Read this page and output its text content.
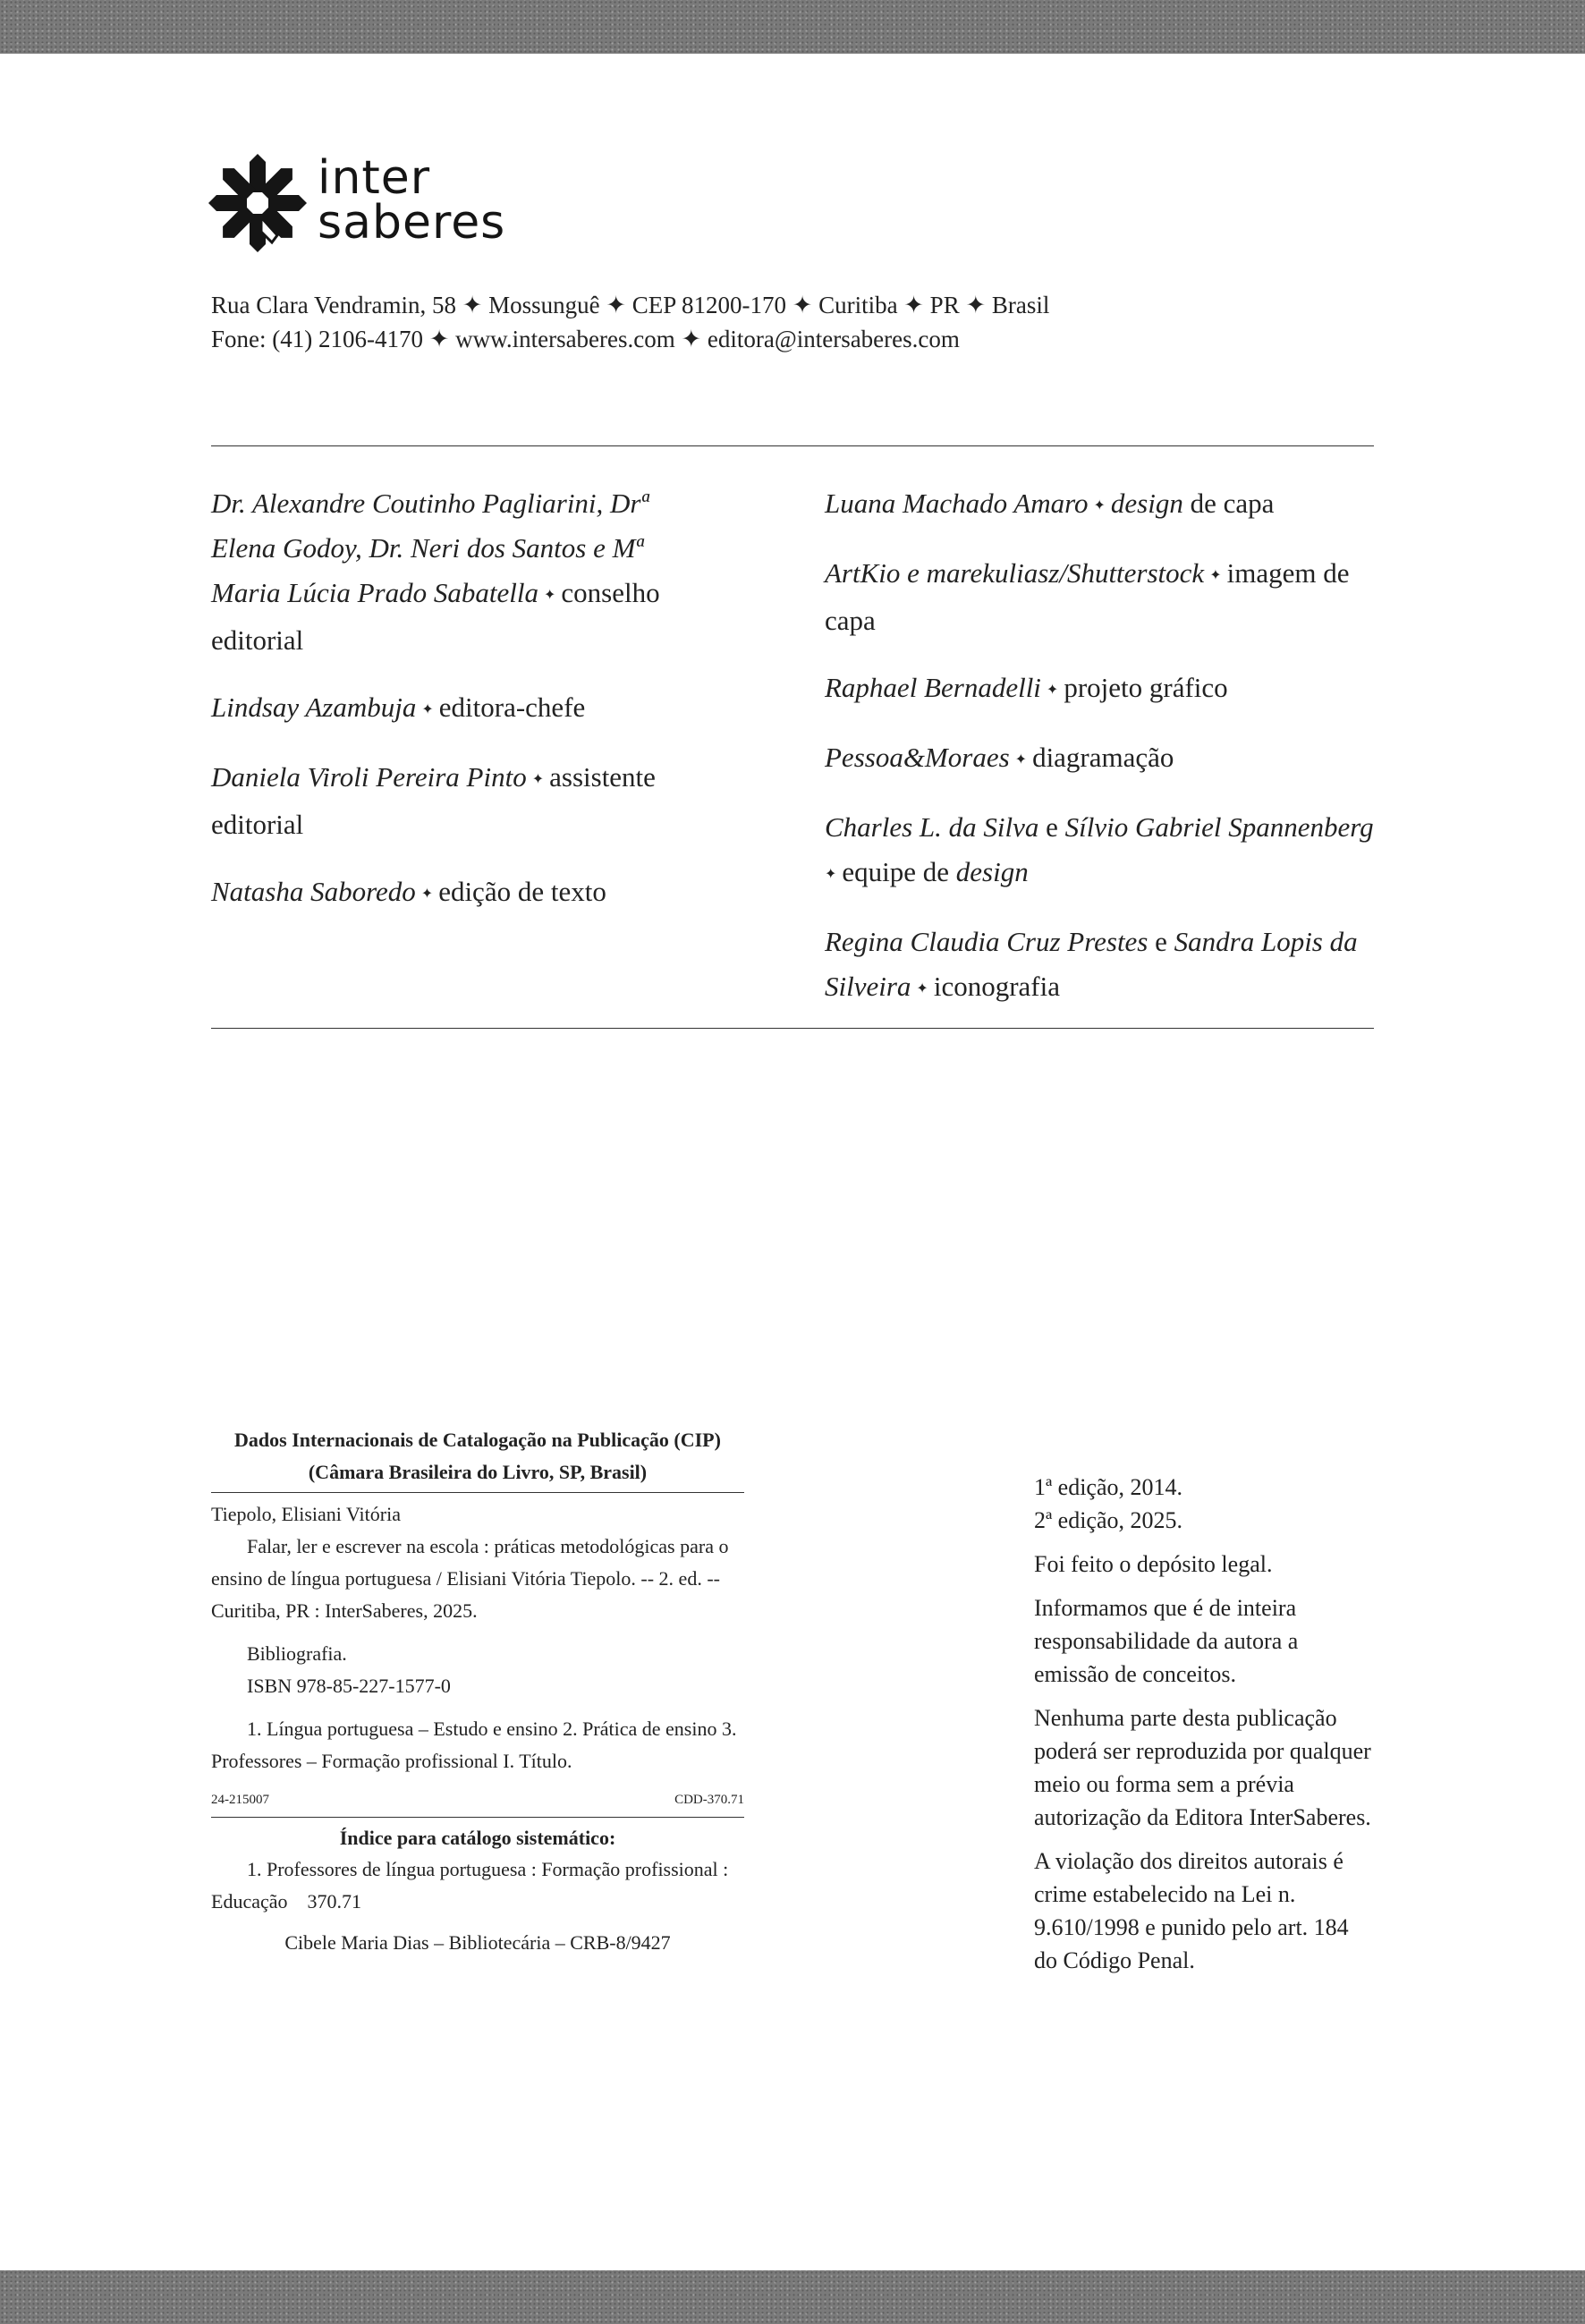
inter
saberes
Rua Clara Vendramin, 58 ✦ Mossunguê ✦ CEP 81200-170 ✦ Curitiba ✦ PR ✦ Brasil
Fone: (41) 2106-4170 ✦ www.intersaberes.com ✦ editora@intersaberes.com
Dr. Alexandre Coutinho Pagliarini, Drª Elena Godoy, Dr. Neri dos Santos e Mª Maria Lúcia Prado Sabatella ✦ conselho editorial
Lindsay Azambuja ✦ editora-chefe
Daniela Viroli Pereira Pinto ✦ assistente editorial
Natasha Saboredo ✦ edição de texto
Luana Machado Amaro ✦ design de capa
ArtKio e marekuliasz/Shutterstock ✦ imagem de capa
Raphael Bernadelli ✦ projeto gráfico
Pessoa&Moraes ✦ diagramação
Charles L. da Silva e Sílvio Gabriel Spannenberg
✦ equipe de design
Regina Claudia Cruz Prestes e Sandra Lopis da Silveira ✦ iconografia
Dados Internacionais de Catalogação na Publicação (CIP)
(Câmara Brasileira do Livro, SP, Brasil)

Tiepolo, Elisiani Vitória

Falar, ler e escrever na escola : práticas metodológicas para o ensino de língua portuguesa / Elisiani Vitória Tiepolo. -- 2. ed. -- Curitiba, PR : InterSaberes, 2025.

Bibliografia.

ISBN 978-85-227-1577-0

1. Língua portuguesa – Estudo e ensino 2. Prática de ensino 3. Professores – Formação profissional I. Título.

24-215007	CDD-370.71
Índice para catálogo sistemático:

1. Professores de língua portuguesa : Formação profissional : Educação    370.71

Cibele Maria Dias – Bibliotecária – CRB-8/9427

1ª edição, 2014.

2ª edição, 2025.

Foi feito o depósito legal.

Informamos que é de inteira responsabilidade da autora a emissão de conceitos.

Nenhuma parte desta publicação poderá ser reproduzida por qualquer meio ou forma sem a prévia autorização da Editora InterSaberes.

A violação dos direitos autorais é crime estabelecido na Lei n. 9.610/1998 e punido pelo art. 184 do Código Penal.
